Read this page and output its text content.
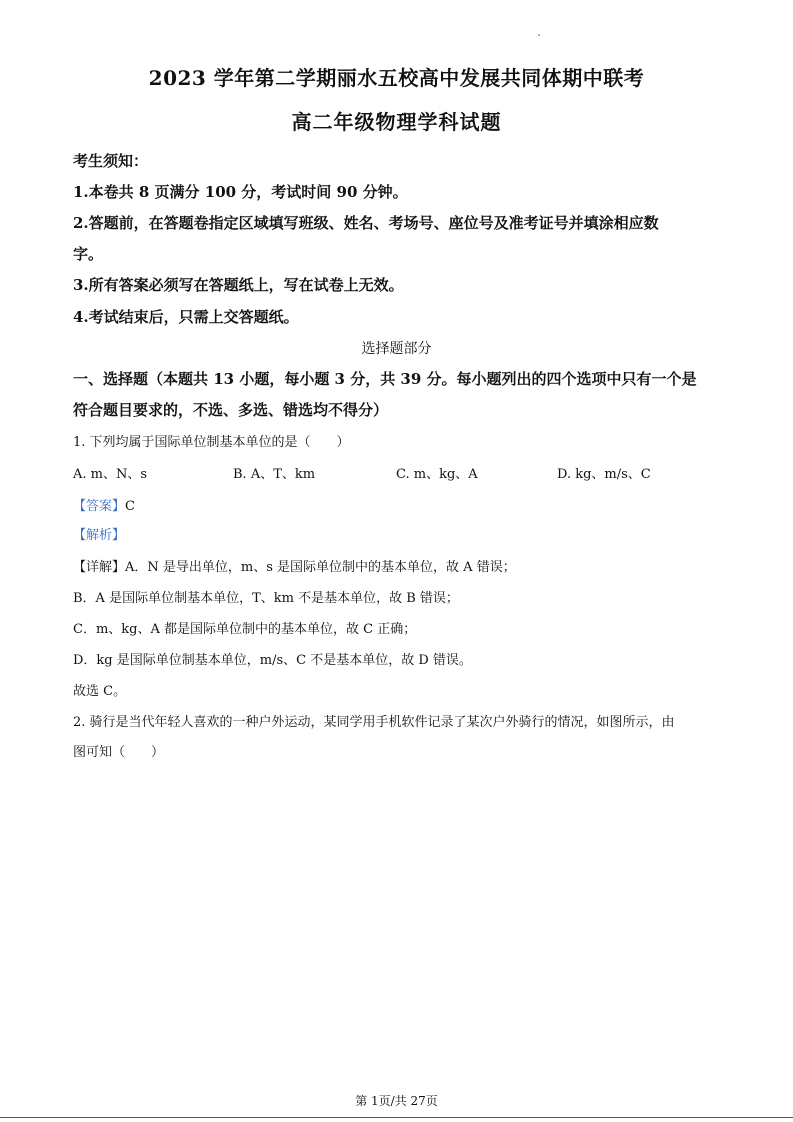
2023 学年第二学期丽水五校高中发展共同体期中联考
高二年级物理学科试题
考生须知：
1.本卷共 8 页满分 100 分，考试时间 90 分钟。
2.答题前，在答题卷指定区域填写班级、姓名、考场号、座位号及准考证号并填涂相应数
字。
3.所有答案必须写在答题纸上，写在试卷上无效。
4.考试结束后，只需上交答题纸。
选择题部分
一、选择题（本题共 13 小题，每小题 3 分，共 39 分。每小题列出的四个选项中只有一个是
符合题目要求的，不选、多选、错选均不得分）
1. 下列均属于国际单位制基本单位的是（　　）
A. m、N、s	B. A、T、km	C. m、kg、A	D. kg、m/s、C
【答案】C
【解析】
【详解】A．N 是导出单位，m、s 是国际单位制中的基本单位，故 A 错误；
B．A 是国际单位制基本单位，T、km 不是基本单位，故 B 错误；
C．m、kg、A 都是国际单位制中的基本单位，故 C 正确；
D．kg 是国际单位制基本单位，m/s、C 不是基本单位，故 D 错误。
故选 C。
2. 骑行是当代年轻人喜欢的一种户外运动，某同学用手机软件记录了某次户外骑行的情况，如图所示，由
图可知（　　）
第 1页/共 27页
